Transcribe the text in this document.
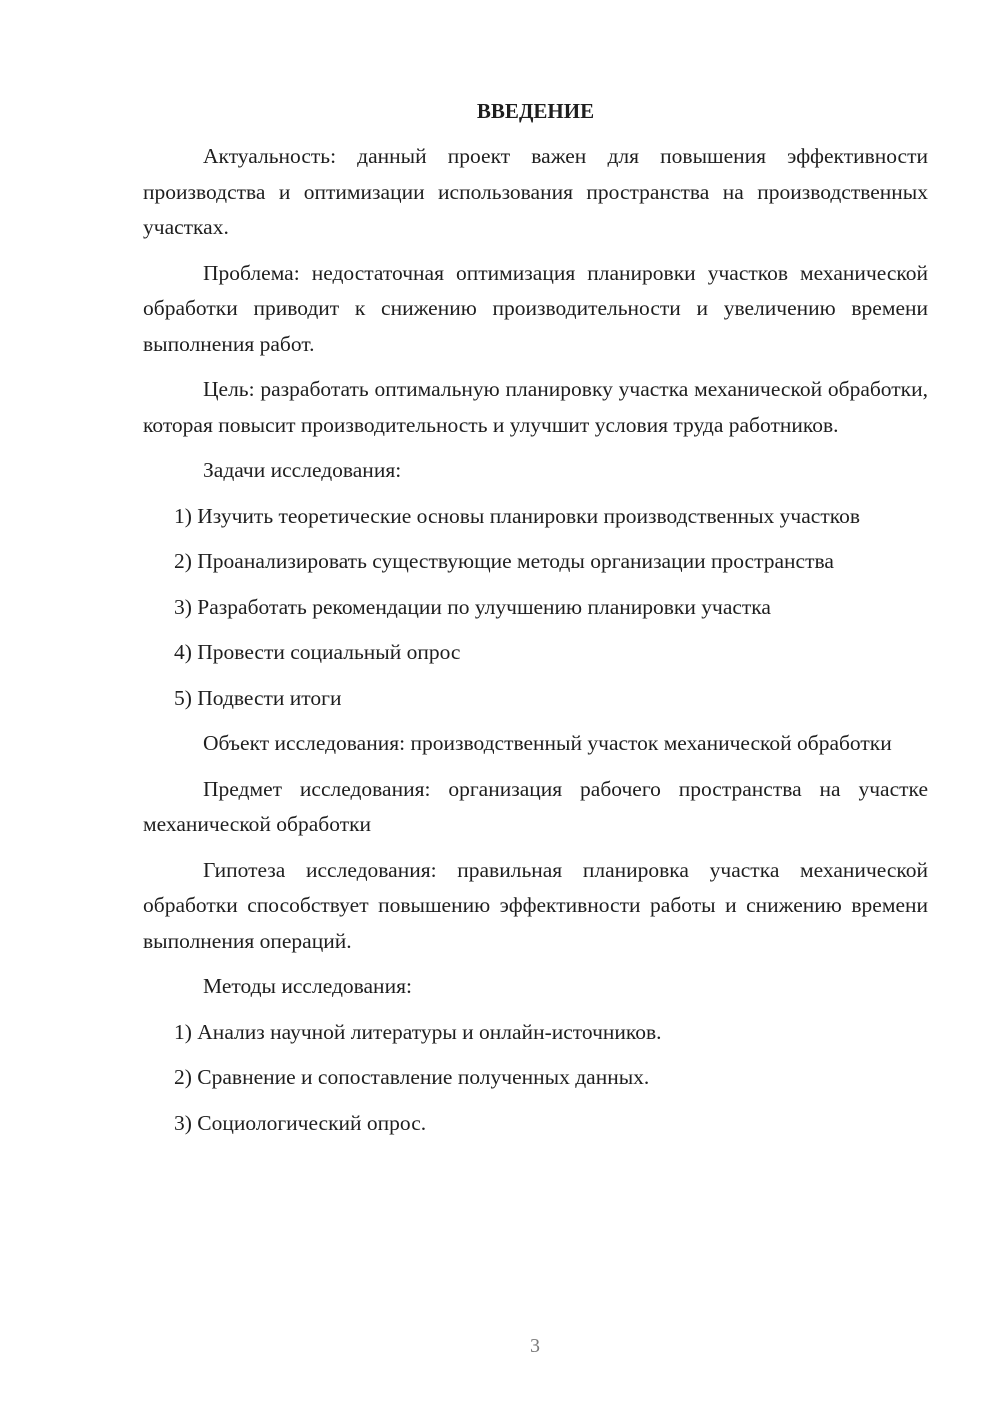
ВВЕДЕНИЕ
Актуальность: данный проект важен для повышения эффективности производства и оптимизации использования пространства на производственных участках.
Проблема: недостаточная оптимизация планировки участков механической обработки приводит к снижению производительности и увеличению времени выполнения работ.
Цель: разработать оптимальную планировку участка механической обработки, которая повысит производительность и улучшит условия труда работников.
Задачи исследования:
1) Изучить теоретические основы планировки производственных участков
2) Проанализировать существующие методы организации пространства
3) Разработать рекомендации по улучшению планировки участка
4) Провести социальный опрос
5) Подвести итоги
Объект исследования: производственный участок механической обработки
Предмет исследования: организация рабочего пространства на участке механической обработки
Гипотеза исследования: правильная планировка участка механической обработки способствует повышению эффективности работы и снижению времени выполнения операций.
Методы исследования:
1) Анализ научной литературы и онлайн-источников.
2) Сравнение и сопоставление полученных данных.
3) Социологический опрос.
3
